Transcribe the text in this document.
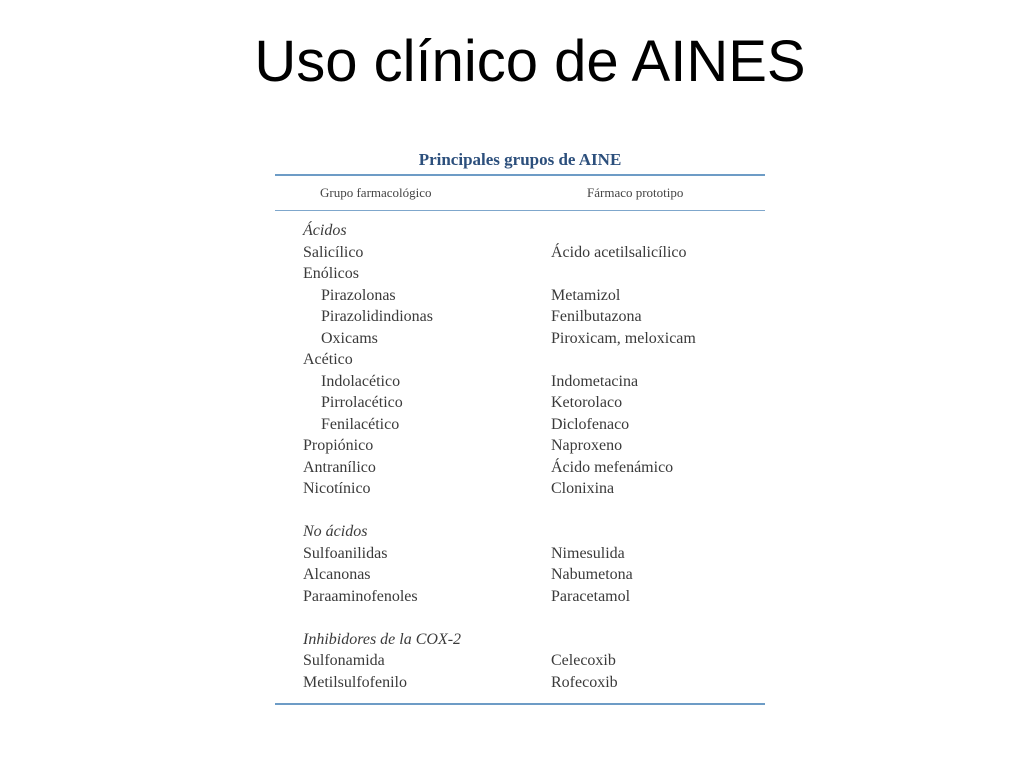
Uso clínico de AINES
Principales grupos de AINE
Grupo farmacológico	Fármaco prototipo
Ácidos
Salicílico	Ácido acetilsalicílico
Enólicos
Pirazolonas	Metamizol
Pirazolidindionas	Fenilbutazona
Oxicams	Piroxicam, meloxicam
Acético
Indolacético	Indometacina
Pirrolacético	Ketorolaco
Fenilacético	Diclofenaco
Propiónico	Naproxeno
Antranílico	Ácido mefenámico
Nicotínico	Clonixina
No ácidos
Sulfoanilidas	Nimesulida
Alcanonas	Nabumetona
Paraaminofenoles	Paracetamol
Inhibidores de la COX-2
Sulfonamida	Celecoxib
Metilsulfofenilo	Rofecoxib
